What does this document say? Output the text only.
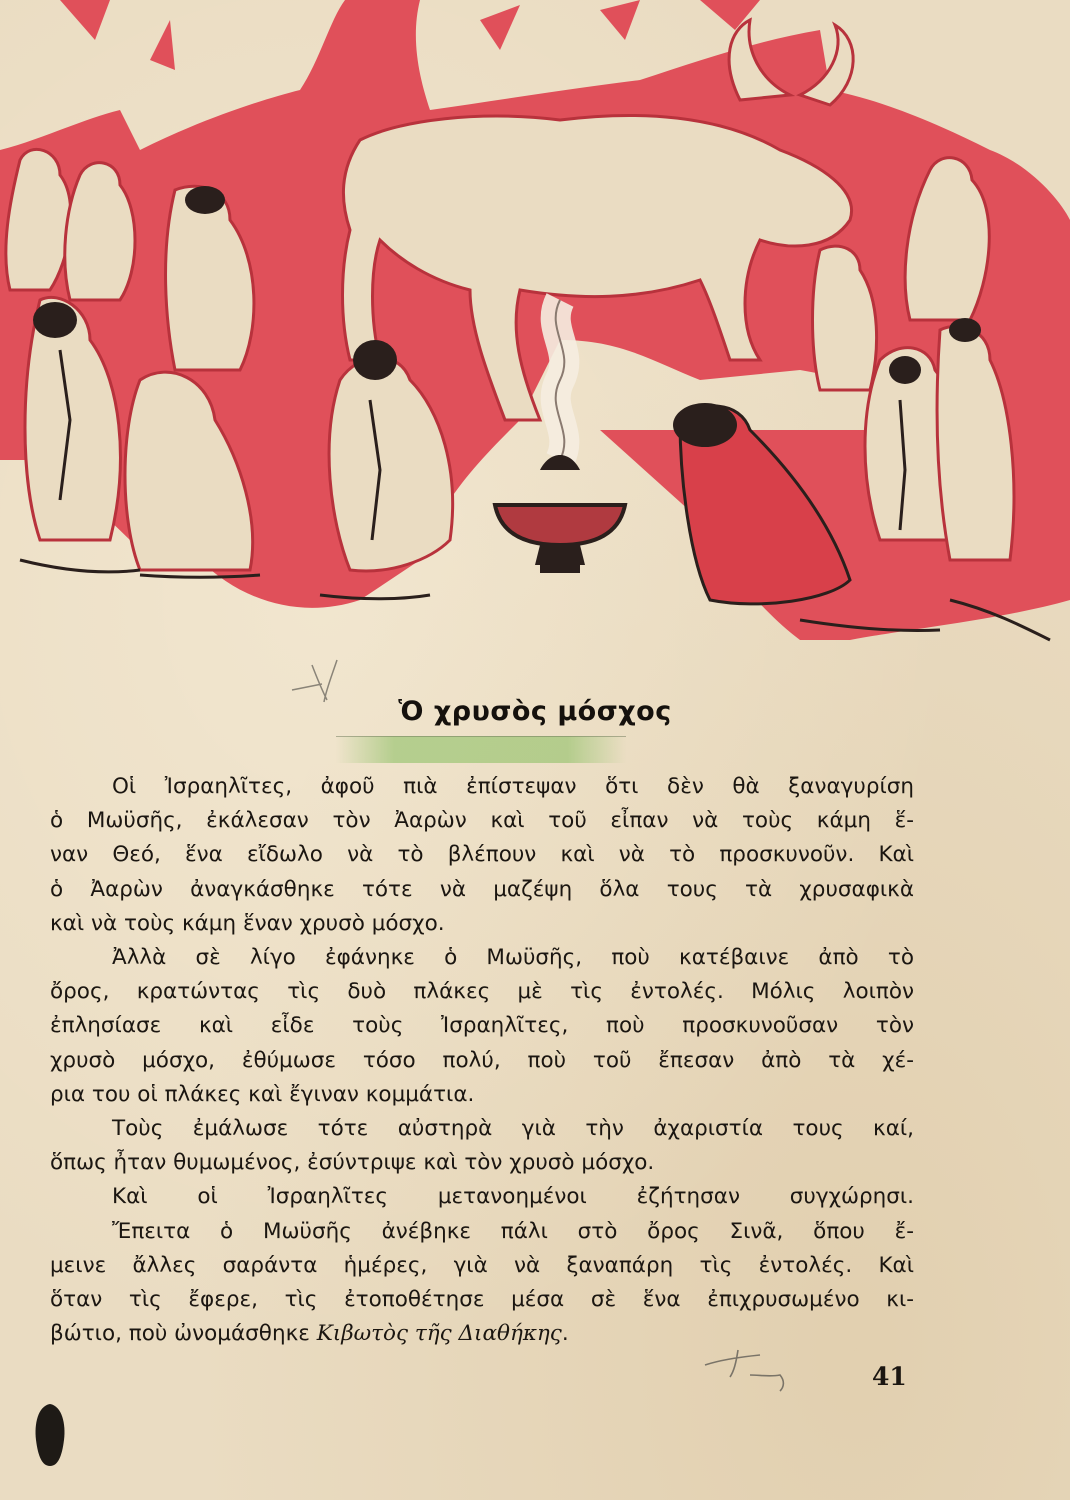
Ὁ χρυσὸς μόσχος
Οἱ Ἰσραηλῖτες, ἀφοῦ πιὰ ἐπίστεψαν ὅτι δὲν θὰ ξαναγυρίση
ὁ Μωϋσῆς, ἐκάλεσαν τὸν Ἀαρὼν καὶ τοῦ εἶπαν νὰ τοὺς κάμη ἕ-
ναν Θεό, ἕνα εἴδωλο νὰ τὸ βλέπουν καὶ νὰ τὸ προσκυνοῦν. Καὶ
ὁ Ἀαρὼν ἀναγκάσθηκε τότε νὰ μαζέψη ὅλα τους τὰ χρυσαφικὰ
καὶ νὰ τοὺς κάμη ἕναν χρυσὸ μόσχο.
Ἀλλὰ σὲ λίγο ἐφάνηκε ὁ Μωϋσῆς, ποὺ κατέβαινε ἀπὸ τὸ
ὄρος, κρατώντας τὶς δυὸ πλάκες μὲ τὶς ἐντολές. Μόλις λοιπὸν
ἐπλησίασε καὶ εἶδε τοὺς Ἰσραηλῖτες, ποὺ προσκυνοῦσαν τὸν
χρυσὸ μόσχο, ἐθύμωσε τόσο πολύ, ποὺ τοῦ ἔπεσαν ἀπὸ τὰ χέ-
ρια του οἱ πλάκες καὶ ἔγιναν κομμάτια.
Τοὺς ἐμάλωσε τότε αὐστηρὰ γιὰ τὴν ἀχαριστία τους καί,
ὅπως ἦταν θυμωμένος, ἐσύντριψε καὶ τὸν χρυσὸ μόσχο.
Καὶ οἱ Ἰσραηλῖτες μετανοημένοι ἐζήτησαν συγχώρησι.
Ἔπειτα ὁ Μωϋσῆς ἀνέβηκε πάλι στὸ ὄρος Σινᾶ, ὅπου ἔ-
μεινε ἄλλες σαράντα ἡμέρες, γιὰ νὰ ξαναπάρη τὶς ἐντολές. Καὶ
ὅταν τὶς ἔφερε, τὶς ἐτοποθέτησε μέσα σὲ ἕνα ἐπιχρυσωμένο κι-
βώτιο, ποὺ ὠνομάσθηκε Κιβωτὸς τῆς Διαθήκης.
41
